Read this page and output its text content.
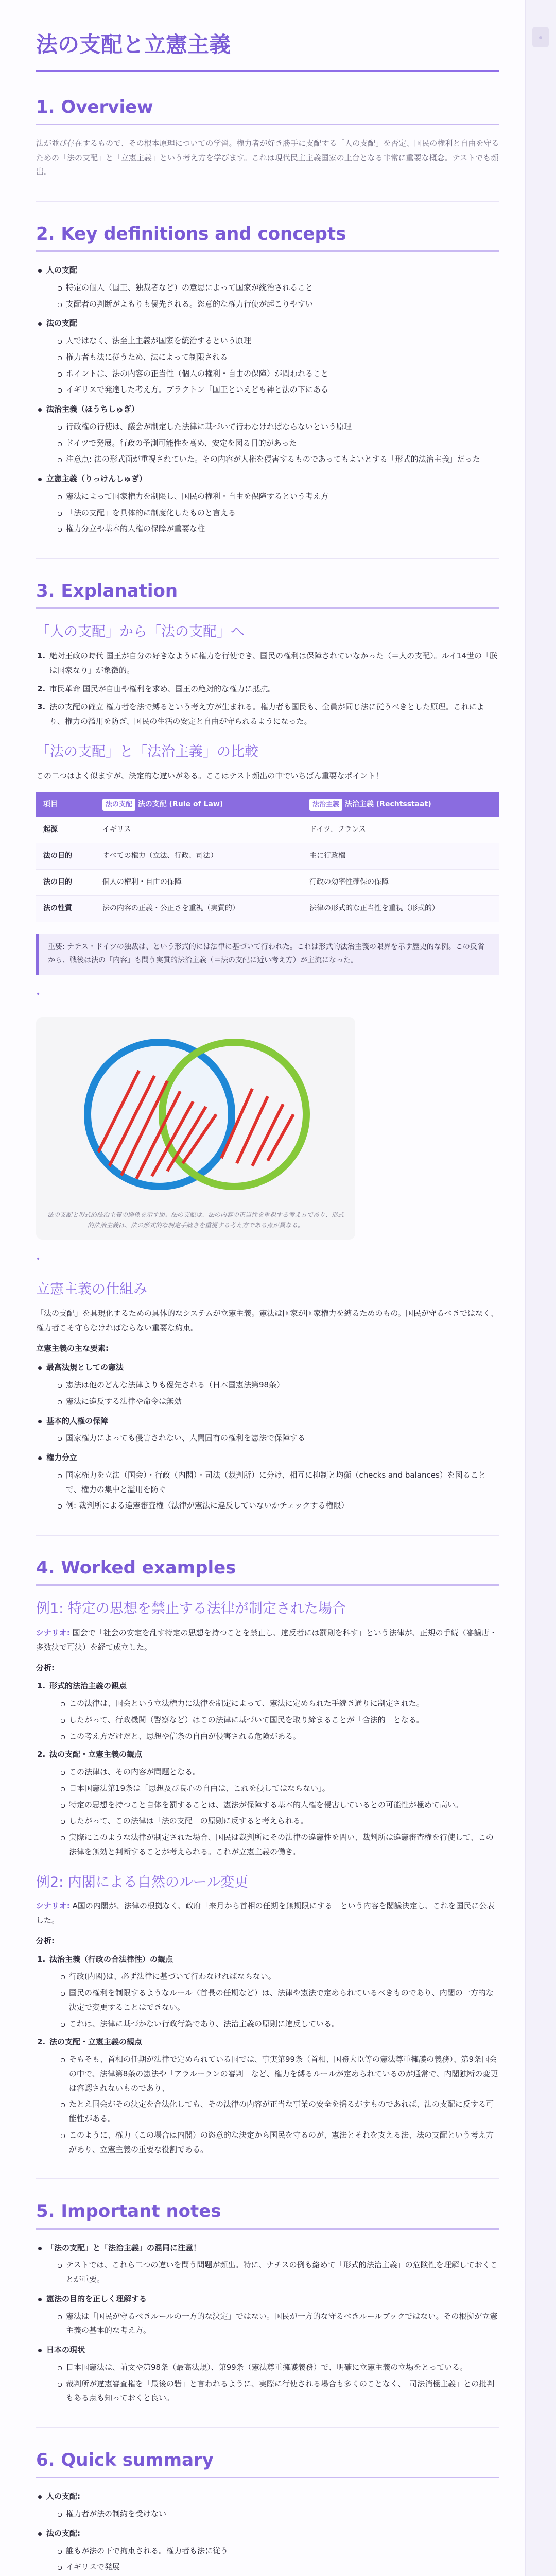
法の支配と立憲主義
1. Overview

法が並び存在するもので、その根本原理についての学習。権力者が好き勝手に支配する「人の支配」を否定、国民の権利と自由を守るための「法の支配」と「立憲主義」という考え方を学びます。これは現代民主主義国家の土台となる非常に重要な概念。テストでも頻出。

2. Key definitions and concepts
人の支配
特定の個人（国王、独裁者など）の意思によって国家が統治されること
支配者の判断がよもりも優先される。恣意的な権力行使が起こりやすい
法の支配
人ではなく、法至上主義が国家を統治するという原理
権力者も法に従うため、法によって制限される
ポイントは、法の内容の正当性（個人の権利・自由の保障）が問われること
イギリスで発達した考え方。ブラクトン「国王といえども神と法の下にある」
法治主義（ほうちしゅぎ）
行政権の行使は、議会が制定した法律に基づいて行わなければならないという原理
ドイツで発展。行政の予測可能性を高め、安定を図る目的があった
注意点: 法の形式面が重視されていた。その内容が人権を侵害するものであってもよいとする「形式的法治主義」だった
立憲主義（りっけんしゅぎ）
憲法によって国家権力を制限し、国民の権利・自由を保障するという考え方
「法の支配」を具体的に制度化したものと言える
権力分立や基本的人権の保障が重要な柱
3. Explanation
「人の支配」から「法の支配」へ
絶対王政の時代 国王が自分の好きなように権力を行使でき、国民の権利は保障されていなかった（＝人の支配）。ルイ14世の「朕は国家なり」が象徴的。
市民革命 国民が自由や権利を求め、国王の絶対的な権力に抵抗。
法の支配の確立 権力者を法で縛るという考え方が生まれる。権力者も国民も、全員が同じ法に従うべきとした原理。これにより、権力の濫用を防ぎ、国民の生活の安定と自由が守られるようになった。
「法の支配」と「法治主義」の比較

この二つはよく似ますが、決定的な違いがある。ここはテスト頻出の中でいちばん重要なポイント！

項目	法の支配 法の支配 (Rule of Law)	法治主義 法治主義 (Rechtsstaat)
起源	イギリス	ドイツ、フランス
法の目的	すべての権力（立法、行政、司法）	主に行政権
法の目的	個人の権利・自由の保障	行政の効率性確保の保障
法の性質	法の内容の正義・公正さを重視（実質的）	法律の形式的な正当性を重視（形式的）
重要: ナチス・ドイツの独裁は、という形式的には法律に基づいて行われた。これは形式的法治主義の限界を示す歴史的な例。この反省から、戦後は法の「内容」も問う実質的法治主義（＝法の支配に近い考え方）が主流になった。
•
法の支配と形式的法治主義の関係を示す図。法の支配は、法の内容の正当性を重視する考え方であり、形式的法治主義は、法の形式的な制定手続きを重視する考え方である点が異なる。
•
立憲主義の仕組み

「法の支配」を具現化するための具体的なシステムが立憲主義。憲法は国家が国家権力を縛るためのもの。国民が守るべきではなく、権力者こそ守らなければならない重要な約束。

立憲主義の主な要素:

最高法規としての憲法
憲法は他のどんな法律よりも優先される（日本国憲法第98条）
憲法に違反する法律や命令は無効
基本的人権の保障
国家権力によっても侵害されない、人間固有の権利を憲法で保障する
権力分立
国家権力を立法（国会）・行政（内閣）・司法（裁判所）に分け、相互に抑制と均衡（checks and balances）を図ることで、権力の集中と濫用を防ぐ
例: 裁判所による違憲審査権（法律が憲法に違反していないかチェックする権限）
4. Worked examples
例1: 特定の思想を禁止する法律が制定された場合

シナリオ: 国会で「社会の安定を乱す特定の思想を持つことを禁止し、違反者には罰則を科す」という法律が、正規の手続（審議唐・多数決で可決）を経て成立した。

分析:

形式的法治主義の観点
この法律は、国会という立法権力に法律を制定によって、憲法に定められた手続き通りに制定された。
したがって、行政機関（警察など）はこの法律に基づいて国民を取り締まることが「合法的」となる。
この考え方だけだと、思想や信条の自由が侵害される危険がある。
法の支配・立憲主義の観点
この法律は、その内容が問題となる。
日本国憲法第19条は「思想及び良心の自由は、これを侵してはならない」。
特定の思想を持つこと自体を罰することは、憲法が保障する基本的人権を侵害しているとの可能性が極めて高い。
したがって、この法律は「法の支配」の原則に反すると考えられる。
実際にこのような法律が制定された場合、国民は裁判所にその法律の違憲性を問い、裁判所は違憲審査権を行使して、この法律を無効と判断することが考えられる。これが立憲主義の働き。
例2: 内閣による自然のルール変更

シナリオ: A国の内閣が、法律の根拠なく、政府「来月から首相の任期を無期限にする」という内容を閣議決定し、これを国民に公表した。

分析:

法治主義（行政の合法律性）の観点
行政(内閣)は、必ず法律に基づいて行わなければならない。
国民の権利を制限するようなルール（首長の任期など）は、法律や憲法で定められているべきものであり、内閣の一方的な決定で変更することはできない。
これは、法律に基づかない行政行為であり、法治主義の原則に違反している。
法の支配・立憲主義の観点
そもそも、首相の任期が法律で定められている国では、事実第99条（首相、国務大臣等の憲法尊重擁護の義務）、第9条国会の中で、法律第8条の憲法や「アラルーランの審判」など、権力を縛るルールが定められているのが通常で、内閣独断の変更は容認されないものであり、
たとえ国会がその決定を合法化しても、その法律の内容が正当な事業の安全を揺るがすものであれば、法の支配に反する可能性がある。
このように、権力（この場合は内閣）の恣意的な決定から国民を守るのが、憲法とそれを支える法、法の支配という考え方があり、立憲主義の重要な役割である。
5. Important notes
「法の支配」と「法治主義」の混同に注意！
テストでは、これら二つの違いを問う問題が頻出。特に、ナチスの例も絡めて「形式的法治主義」の危険性を理解しておくことが重要。
憲法の目的を正しく理解する
憲法は「国民が守るべきルールの一方的な決定」ではない。国民が一方的な守るべきルールブックではない。その根拠が立憲主義の基本的な考え方。
日本の現状
日本国憲法は、前文や第98条（最高法規）、第99条（憲法尊重擁護義務）で、明確に立憲主義の立場をとっている。
裁判所が違憲審査権を「最後の砦」と言われるように、実際に行使される場合も多くのことなく、「司法消極主義」との批判もある点も知っておくと良い。
6. Quick summary
人の支配:
権力者が法の制約を受けない
法の支配:
誰もが法の下で拘束される。権力者も法に従う
イギリスで発展
